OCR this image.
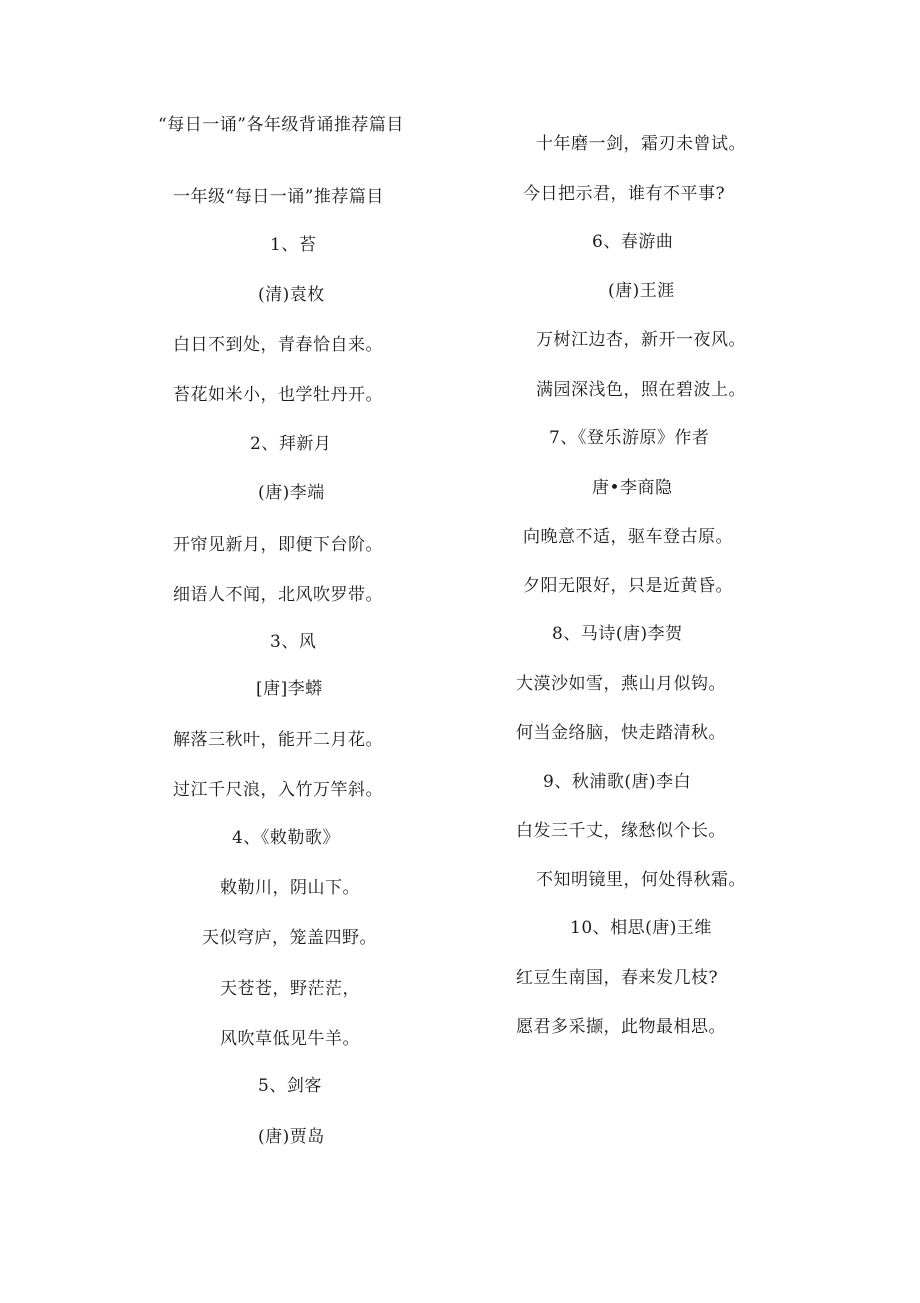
“每日一诵”各年级背诵推荐篇目
一年级“每日一诵”推荐篇目
1、苔
(清)袁枚
白日不到处，青春恰自来。
苔花如米小，也学牡丹开。
2、拜新月
(唐)李端
开帘见新月，即便下台阶。
细语人不闻，北风吹罗带。
3、风
[唐]李蟒
解落三秋叶，能开二月花。
过江千尺浪，入竹万竿斜。
4、《敕勒歌》
敕勒川，阴山下。
天似穹庐，笼盖四野。
天苍苍，野茫茫，
风吹草低见牛羊。
5、剑客
(唐)贾岛
十年磨一剑，霜刃未曾试。
今日把示君，谁有不平事?
6、春游曲
(唐)王涯
万树江边杏，新开一夜风。
满园深浅色，照在碧波上。
7、《登乐游原》作者
唐•李商隐
向晚意不适，驱车登古原。
夕阳无限好，只是近黄昏。
8、马诗(唐)李贺
大漠沙如雪，燕山月似钩。
何当金络脑，快走踏清秋。
9、秋浦歌(唐)李白
白发三千丈，缘愁似个长。
不知明镜里，何处得秋霜。
10、相思(唐)王维
红豆生南国，春来发几枝?
愿君多采撷，此物最相思。
